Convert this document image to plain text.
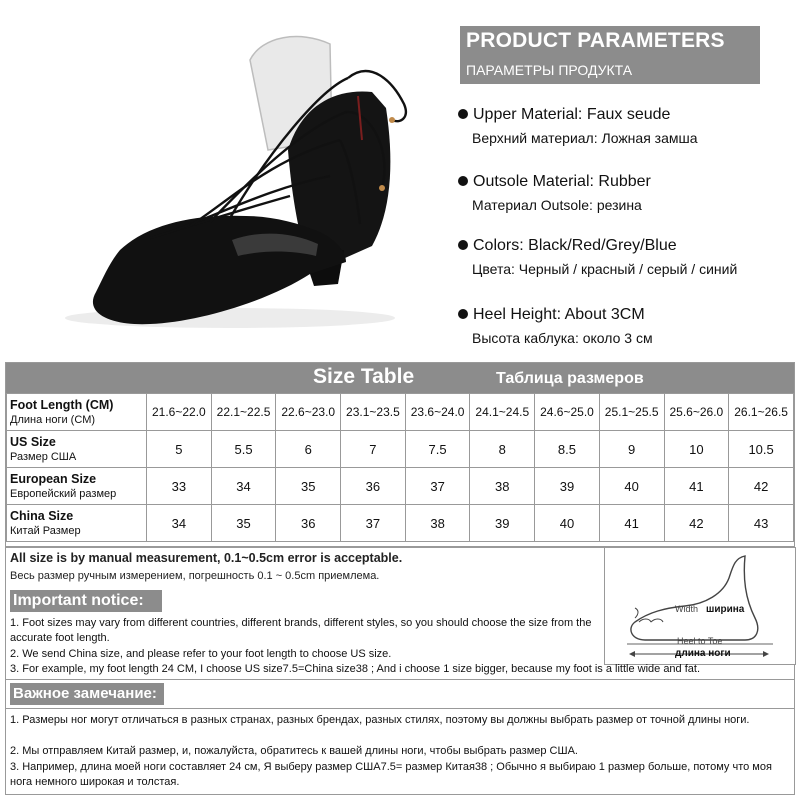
PRODUCT PARAMETERS
ПАРАМЕТРЫ ПРОДУКТА
Upper Material: Faux seude
Верхний материал: Ложная замша
Outsole Material: Rubber
Материал Outsole: резина
Colors: Black/Red/Grey/Blue
Цвета: Черный / красный / серый / синий
Heel Height: About 3CM
Высота каблука: около 3 см
Size Table	Таблица размеров
Foot Length (CM)
Длина ноги (CM)	21.6~22.0	22.1~22.5	22.6~23.0	23.1~23.5	23.6~24.0	24.1~24.5	24.6~25.0	25.1~25.5	25.6~26.0	26.1~26.5

US Size
Размер США	5	5.5	6	7	7.5	8	8.5	9	10	10.5

European Size
Европейский размер	33	34	35	36	37	38	39	40	41	42

China Size
Китай Размер	34	35	36	37	38	39	40	41	42	43
All size is by manual measurement, 0.1~0.5cm error is acceptable.
Весь размер ручным измерением, погрешность 0.1 ~ 0.5cm приемлема.
Width ширина
Heel to Toe
длина ноги
Important notice:
1. Foot sizes may vary from different countries, different brands, different styles, so you should choose the size from the accurate foot length.
2. We send China size, and please refer to your foot length to choose US size.
3. For example, my foot length 24 CM, I choose US size7.5=China size38 ; And i choose 1 size bigger, because my foot is a little wide and fat.
Важное замечание:
1. Размеры ног могут отличаться в разных странах, разных брендах, разных стилях, поэтому вы должны выбрать размер от точной длины ноги.
2. Мы отправляем Китай размер, и, пожалуйста, обратитесь к вашей длины ноги, чтобы выбрать размер США.
3. Например, длина моей ноги составляет 24 см, Я выберу размер США7.5= размер Китая38 ; Обычно я выбираю 1 размер больше, потому что моя нога немного широкая и толстая.
